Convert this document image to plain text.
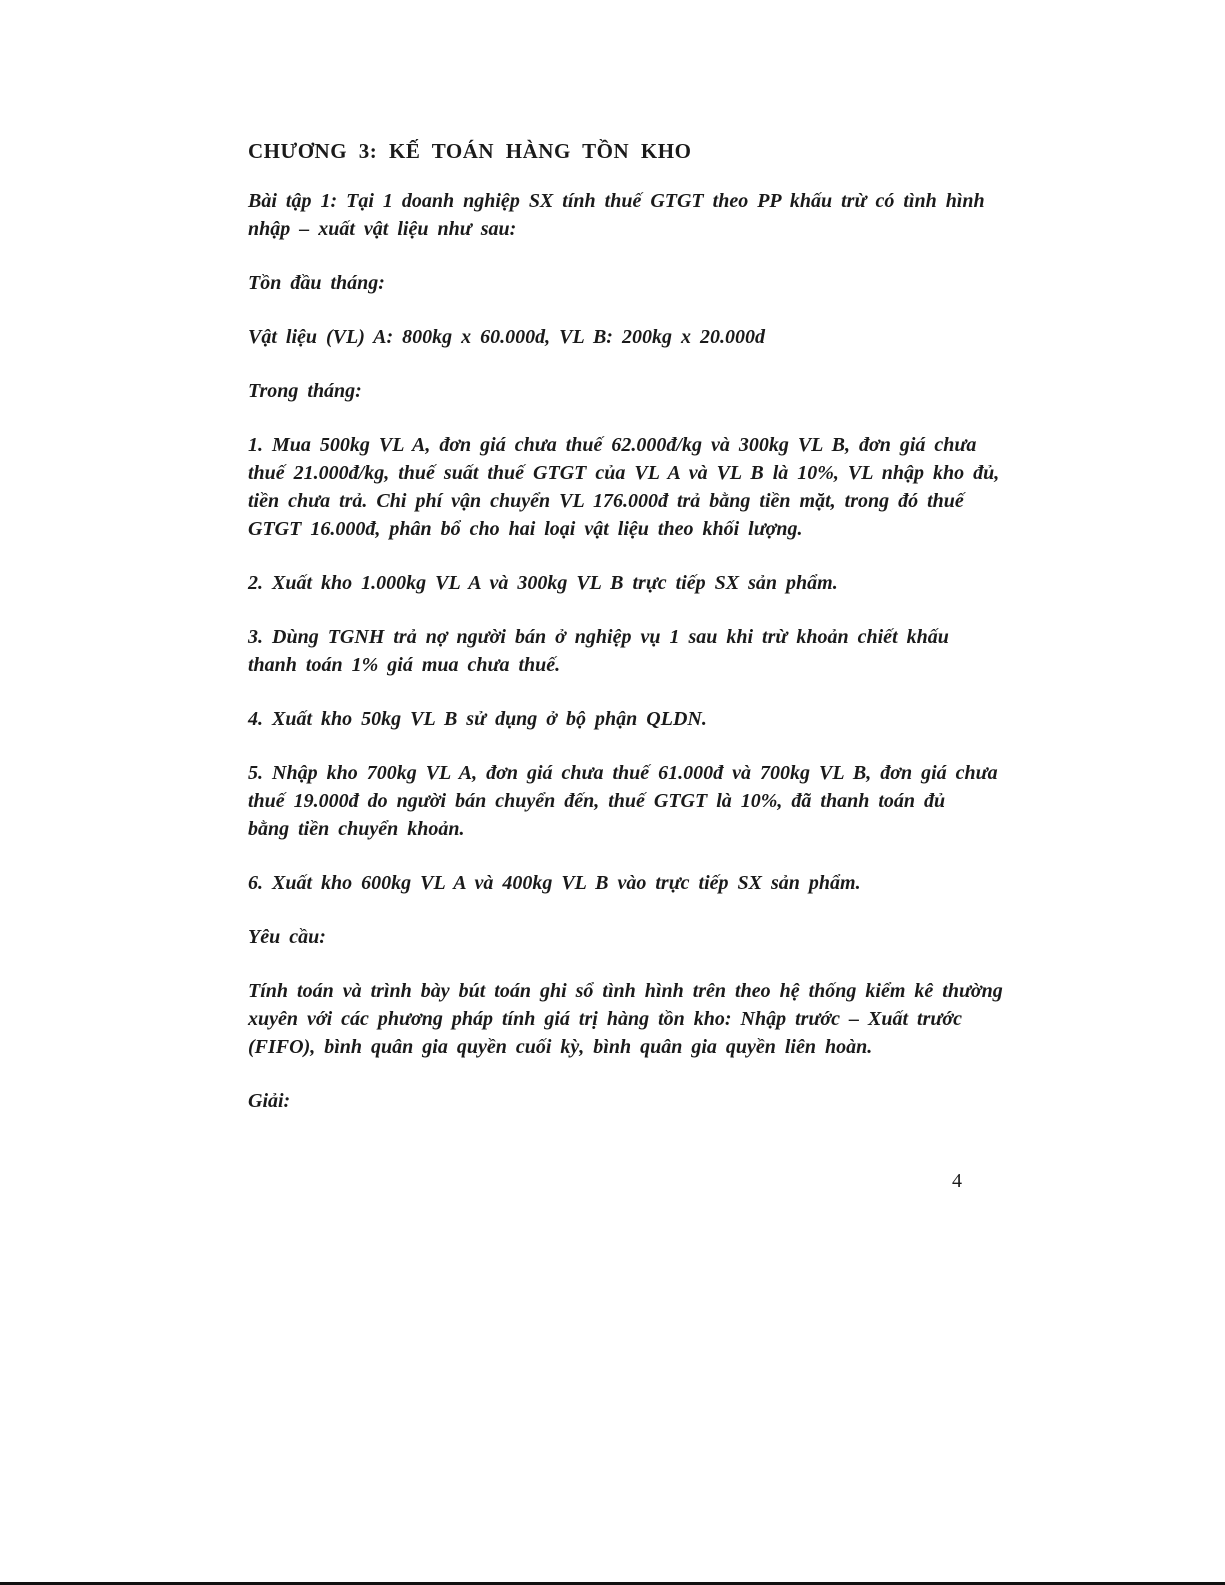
CHƯƠNG 3: KẾ TOÁN HÀNG TỒN KHO
Bài tập 1: Tại 1 doanh nghiệp SX tính thuế GTGT theo PP khấu trừ có tình hình
nhập – xuất vật liệu như sau:
Tồn đầu tháng:
Vật liệu (VL) A: 800kg x 60.000d, VL B: 200kg x 20.000d
Trong tháng:
1. Mua 500kg VL A, đơn giá chưa thuế 62.000đ/kg và 300kg VL B, đơn giá chưa
thuế 21.000đ/kg, thuế suất thuế GTGT của VL A và VL B là 10%, VL nhập kho đủ,
tiền chưa trả. Chi phí vận chuyển VL 176.000đ trả bằng tiền mặt, trong đó thuế
GTGT 16.000đ, phân bổ cho hai loại vật liệu theo khối lượng.
2. Xuất kho 1.000kg VL A và 300kg VL B trực tiếp SX sản phẩm.
3. Dùng TGNH trả nợ người bán ở nghiệp vụ 1 sau khi trừ khoản chiết khấu
thanh toán 1% giá mua chưa thuế.
4. Xuất kho 50kg VL B sử dụng ở bộ phận QLDN.
5. Nhập kho 700kg VL A, đơn giá chưa thuế 61.000đ và 700kg VL B, đơn giá chưa
thuế 19.000đ do người bán chuyển đến, thuế GTGT là 10%, đã thanh toán đủ
bằng tiền chuyển khoản.
6. Xuất kho 600kg VL A và 400kg VL B vào trực tiếp SX sản phẩm.
Yêu cầu:
Tính toán và trình bày bút toán ghi sổ tình hình trên theo hệ thống kiểm kê thường
xuyên với các phương pháp tính giá trị hàng tồn kho: Nhập trước – Xuất trước
(FIFO), bình quân gia quyền cuối kỳ, bình quân gia quyền liên hoàn.
Giải:
4
